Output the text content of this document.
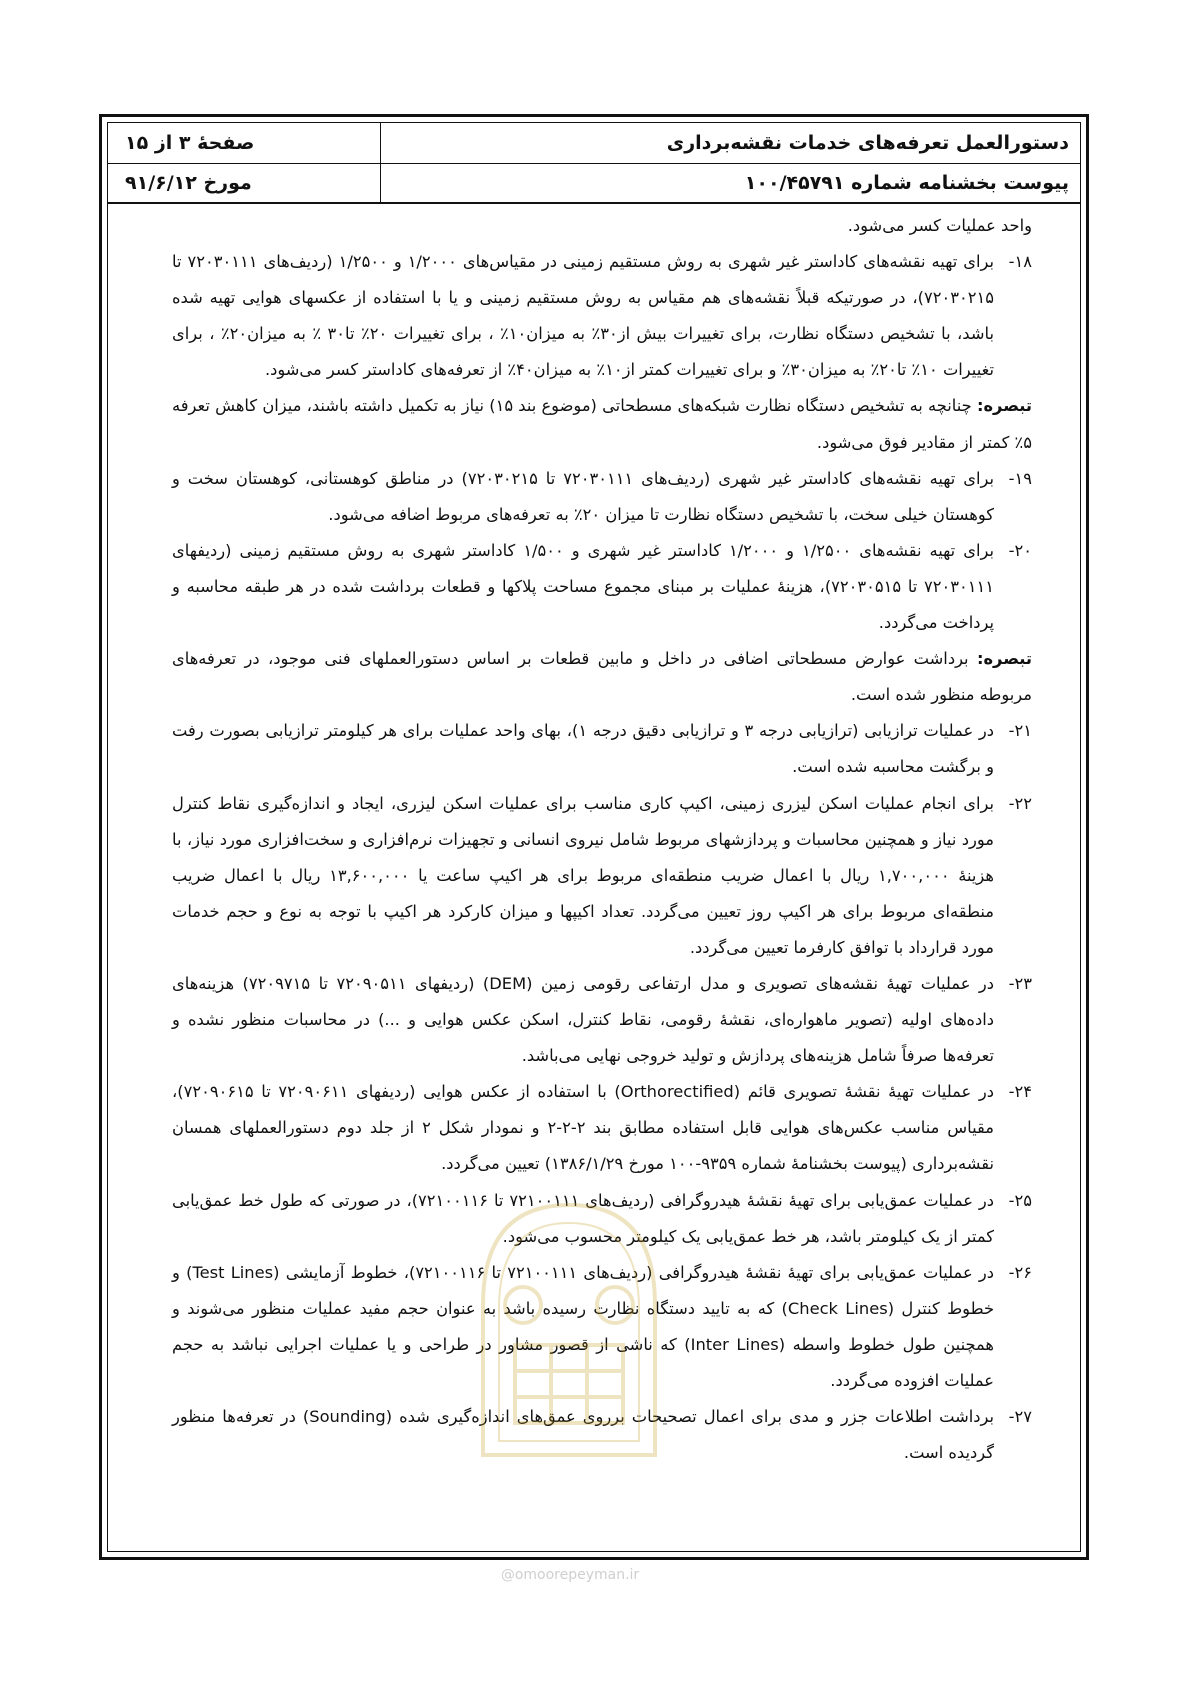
دستورالعمل تعرفه‌های خدمات نقشه‌برداری
صفحۀ ۳ از ۱۵
پیوست بخشنامه شماره ۱۰۰/۴۵۷۹۱
مورخ ۹۱/۶/۱۲

واحد عملیات کسر می‌شود.

۱۸-
برای تهیه نقشه‌های کاداستر غیر شهری به روش مستقیم زمینی در مقیاس‌های ۱/۲۰۰۰ و ۱/۲۵۰۰ (ردیف‌های ۷۲۰۳۰۱۱۱ تا ۷۲۰۳۰۲۱۵)، در صورتیکه قبلاً نقشه‌های هم مقیاس به روش مستقیم زمینی و یا با استفاده از عکسهای هوایی تهیه شده باشد، با تشخیص دستگاه نظارت، برای تغییرات بیش از۳۰٪ به میزان۱۰٪ ، برای تغییرات ۲۰٪ تا۳۰ ٪ به میزان۲۰٪ ، برای تغییرات ۱۰٪ تا۲۰٪ به میزان۳۰٪ و برای تغییرات کمتر از۱۰٪ به میزان۴۰٪ از تعرفه‌های کاداستر کسر می‌شود.

تبصره: چنانچه به تشخیص دستگاه نظارت شبکه‌های مسطحاتی (موضوع بند ۱۵) نیاز به تکمیل داشته باشند، میزان کاهش تعرفه ۵٪ کمتر از مقادیر فوق می‌شود.

۱۹-
برای تهیه نقشه‌های کاداستر غیر شهری (ردیف‌های ۷۲۰۳۰۱۱۱ تا ۷۲۰۳۰۲۱۵) در مناطق کوهستانی، کوهستان سخت و کوهستان خیلی سخت، با تشخیص دستگاه نظارت تا میزان ۲۰٪ به تعرفه‌های مربوط اضافه می‌شود.
۲۰-
برای تهیه نقشه‌های ۱/۲۵۰۰ و ۱/۲۰۰۰ کاداستر غیر شهری و ۱/۵۰۰ کاداستر شهری به روش مستقیم زمینی (ردیفهای ۷۲۰۳۰۱۱۱ تا ۷۲۰۳۰۵۱۵)، هزینۀ عملیات بر مبنای مجموع مساحت پلاکها و قطعات برداشت شده در هر طبقه محاسبه و پرداخت می‌گردد.

تبصره: برداشت عوارض مسطحاتی اضافی در داخل و مابین قطعات بر اساس دستورالعملهای فنی موجود، در تعرفه‌های مربوطه منظور شده است.

۲۱-
در عملیات ترازیابی (ترازیابی درجه ۳ و ترازیابی دقیق درجه ۱)، بهای واحد عملیات برای هر کیلومتر ترازیابی بصورت رفت و برگشت محاسبه شده است.
۲۲-
برای انجام عملیات اسکن لیزری زمینی، اکیپ کاری مناسب برای عملیات اسکن لیزری، ایجاد و اندازه‌گیری نقاط کنترل مورد نیاز و همچنین محاسبات و پردازشهای مربوط شامل نیروی انسانی و تجهیزات نرم‌افزاری و سخت‌افزاری مورد نیاز، با هزینۀ ۱,۷۰۰,۰۰۰ ریال با اعمال ضریب منطقه‌ای مربوط برای هر اکیپ ساعت یا ۱۳,۶۰۰,۰۰۰ ریال با اعمال ضریب منطقه‌ای مربوط برای هر اکیپ روز تعیین می‌گردد. تعداد اکیپها و میزان کارکرد هر اکیپ با توجه به نوع و حجم خدمات مورد قرارداد با توافق کارفرما تعیین می‌گردد.
۲۳-
در عملیات تهیۀ نقشه‌های تصویری و مدل ارتفاعی رقومی زمین (DEM) (ردیفهای ۷۲۰۹۰۵۱۱ تا ۷۲۰۹۷۱۵) هزینه‌های داده‌های اولیه (تصویر ماهواره‌ای، نقشۀ رقومی، نقاط کنترل، اسکن عکس هوایی و ...) در محاسبات منظور نشده و تعرفه‌ها صرفاً شامل هزینه‌های پردازش و تولید خروجی نهایی می‌باشد.
۲۴-
در عملیات تهیۀ نقشۀ تصویری قائم (Orthorectified) با استفاده از عکس هوایی (ردیفهای ۷۲۰۹۰۶۱۱ تا ۷۲۰۹۰۶۱۵)، مقیاس مناسب عکس‌های هوایی قابل استفاده مطابق بند ۲-۲-۲ و نمودار شکل ۲ از جلد دوم دستورالعملهای همسان نقشه‌برداری (پیوست بخشنامۀ شماره ۹۳۵۹-۱۰۰ مورخ ۱۳۸۶/۱/۲۹) تعیین می‌گردد.
۲۵-
در عملیات عمق‌یابی برای تهیۀ نقشۀ هیدروگرافی (ردیف‌های ۷۲۱۰۰۱۱۱ تا ۷۲۱۰۰۱۱۶)، در صورتی که طول خط عمق‌یابی کمتر از یک کیلومتر باشد، هر خط عمق‌یابی یک کیلومتر محسوب می‌شود.
۲۶-
در عملیات عمق‌یابی برای تهیۀ نقشۀ هیدروگرافی (ردیف‌های ۷۲۱۰۰۱۱۱ تا ۷۲۱۰۰۱۱۶)، خطوط آزمایشی (Test Lines) و خطوط کنترل (Check Lines) که به تایید دستگاه نظارت رسیده باشد به عنوان حجم مفید عملیات منظور می‌شوند و همچنین طول خطوط واسطه (Inter Lines) که ناشی از قصور مشاور در طراحی و یا عملیات اجرایی نباشد به حجم عملیات افزوده می‌گردد.
۲۷-
برداشت اطلاعات جزر و مدی برای اعمال تصحیحات برروی عمق‌های اندازه‌گیری شده (Sounding) در تعرفه‌ها منظور گردیده است.
@omoorepeyman.ir
